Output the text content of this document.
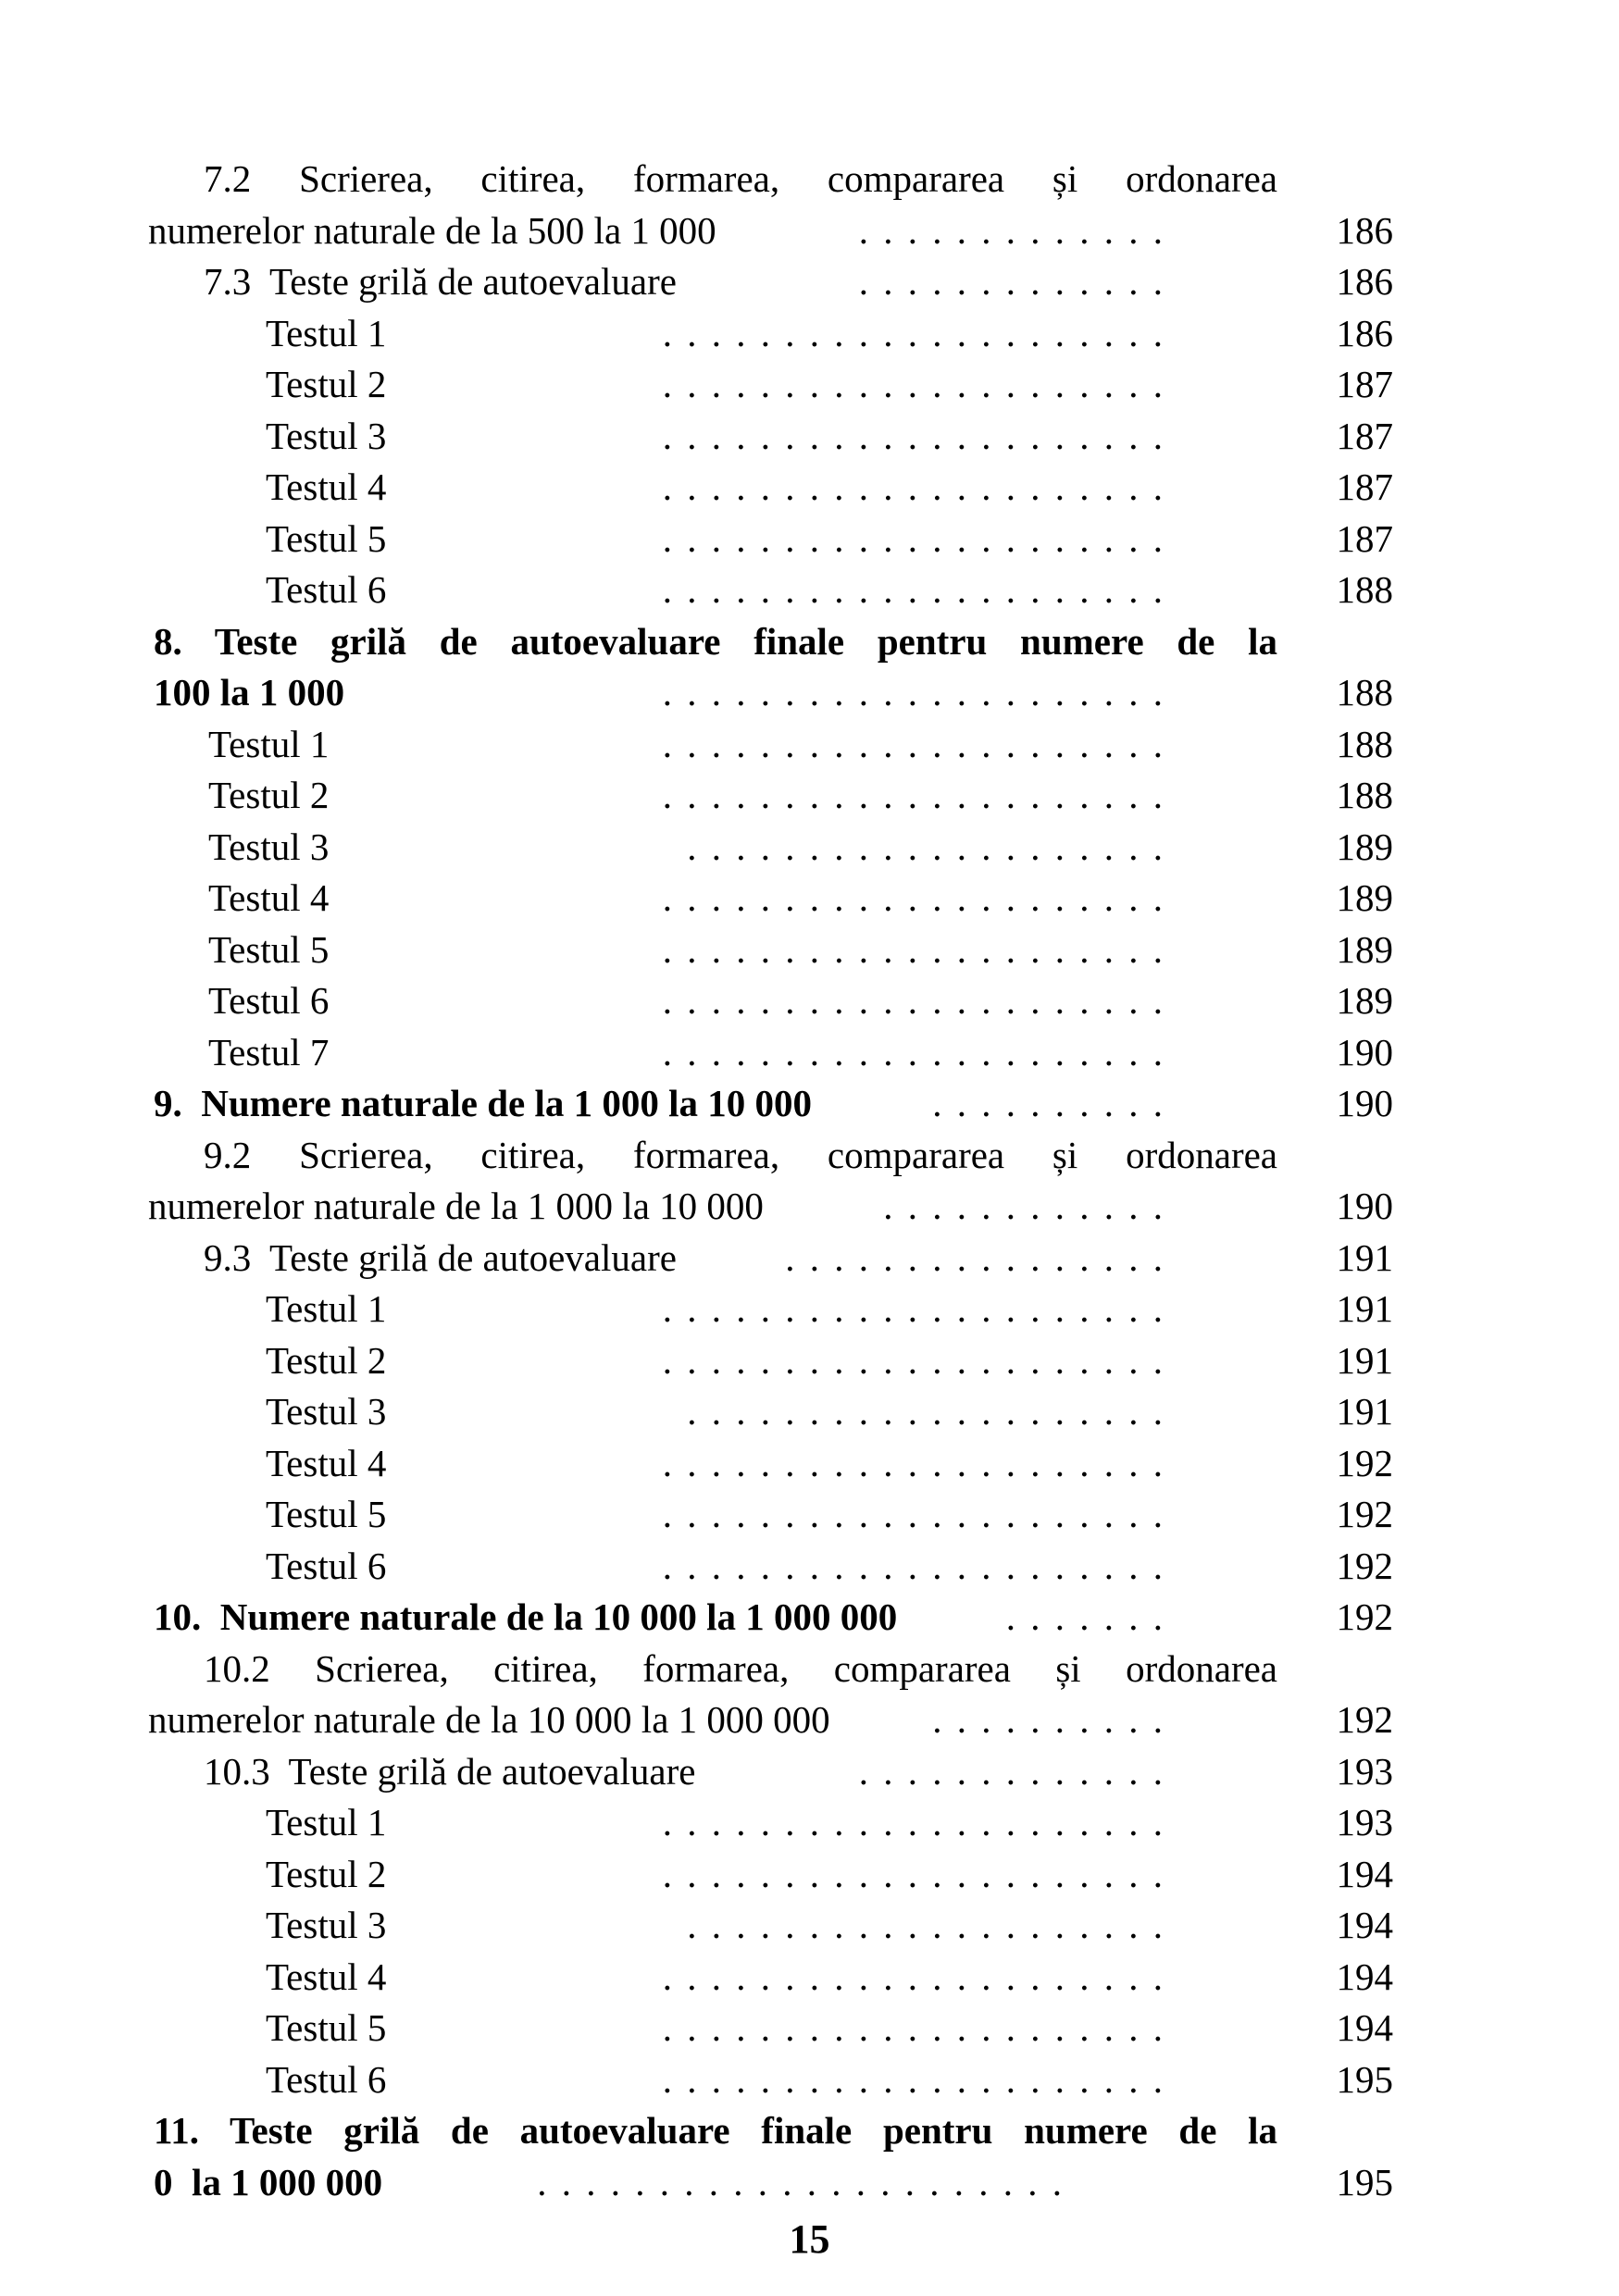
7.2 Scrierea, citirea, formarea, compararea și ordonarea
numerelor naturale de la 500 la 1 000	. . . . . . . . . . . . .	186
7.3  Teste grilă de autoevaluare	. . . . . . . . . . . . .	186
Testul 1	. . . . . . . . . . . . . . . . . . . . .	186
Testul 2	. . . . . . . . . . . . . . . . . . . . .	187
Testul 3	. . . . . . . . . . . . . . . . . . . . .	187
Testul 4	. . . . . . . . . . . . . . . . . . . . .	187
Testul 5	. . . . . . . . . . . . . . . . . . . . .	187
Testul 6	. . . . . . . . . . . . . . . . . . . . .	188
8. Teste grilă de autoevaluare finale pentru numere de la
100 la 1 000	. . . . . . . . . . . . . . . . . . . . .	188
Testul 1	. . . . . . . . . . . . . . . . . . . . .	188
Testul 2	. . . . . . . . . . . . . . . . . . . . .	188
Testul 3	. . . . . . . . . . . . . . . . . . . .	189
Testul 4	. . . . . . . . . . . . . . . . . . . . .	189
Testul 5	. . . . . . . . . . . . . . . . . . . . .	189
Testul 6	. . . . . . . . . . . . . . . . . . . . .	189
Testul 7	. . . . . . . . . . . . . . . . . . . . .	190
9.  Numere naturale de la 1 000 la 10 000	. . . . . . . . . .	190
9.2 Scrierea, citirea, formarea, compararea și ordonarea
numerelor naturale de la 1 000 la 10 000	. . . . . . . . . . . .	190
9.3  Teste grilă de autoevaluare	. . . . . . . . . . . . . . . .	191
Testul 1	. . . . . . . . . . . . . . . . . . . . .	191
Testul 2	. . . . . . . . . . . . . . . . . . . . .	191
Testul 3	. . . . . . . . . . . . . . . . . . . .	191
Testul 4	. . . . . . . . . . . . . . . . . . . . .	192
Testul 5	. . . . . . . . . . . . . . . . . . . . .	192
Testul 6	. . . . . . . . . . . . . . . . . . . . .	192
10.  Numere naturale de la 10 000 la 1 000 000	. . . . . . .	192
10.2 Scrierea, citirea, formarea, compararea și ordonarea
numerelor naturale de la 10 000 la 1 000 000	. . . . . . . . . .	192
10.3  Teste grilă de autoevaluare	. . . . . . . . . . . . .	193
Testul 1	. . . . . . . . . . . . . . . . . . . . .	193
Testul 2	. . . . . . . . . . . . . . . . . . . . .	194
Testul 3	. . . . . . . . . . . . . . . . . . . .	194
Testul 4	. . . . . . . . . . . . . . . . . . . . .	194
Testul 5	. . . . . . . . . . . . . . . . . . . . .	194
Testul 6	. . . . . . . . . . . . . . . . . . . . .	195
11. Teste grilă de autoevaluare finale pentru numere de la
0  la 1 000 000	. . . . . . . . . . . . . . . . . . . . . .	195
15
